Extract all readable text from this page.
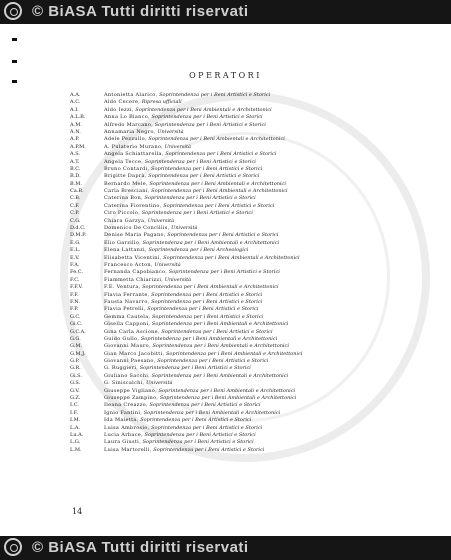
© BiASA Tutti diritti riservati
OPERATORI
A.A.	Antonietta Alarico, Soprintendenza per i Beni Artistici e Storici
A.C.	Aldo Cecere, Ripresa ufficiali
A.I.	Aldo Iezzi, Soprintendenza per i Beni Ambientali e Architettonici
A.L.B.	Anna Lo Bianco, Soprintendenza per i Beni Artistici e Storici
A.M.	Alfredo Marcano, Soprintendenza per i Beni Artistici e Storici
A.N.	Annamaria Negro, Università
A.P.	Adele Pezzullo, Soprintendenza per i Beni Ambientali e Architettonici
A.P.M.	A. Pulaterio Murano, Università
A.S.	Angela Schiattarella, Soprintendenza per i Beni Artistici e Storici
A.T.	Angela Tecce, Soprintendenza per i Beni Artistici e Storici
B.C.	Bruno Contardi, Soprintendenza per i Beni Artistici e Storici
B.D.	Brigitte Daprà, Soprintendenza per i Beni Artistici e Storici
B.M.	Bernardo Mele, Soprintendenza per i Beni Ambientali e Architettonici
Ca.B.	Carla Bresciani, Soprintendenza per i Beni Ambientali e Architettonici
C.B.	Caterina Bon, Soprintendenza per i Beni Artistici e Storici
C.F.	Caterina Fiorentino, Soprintendenza per i Beni Artistici e Storici
C.P.	Ciro Piccolo, Soprintendenza per i Beni Artistici e Storici
C.G.	Chiara Garzya, Università
D.d.C.	Domenico De Conciliis, Università
D.M.P.	Denise Maria Pagano, Soprintendenza per i Beni Artistici e Storici
E.G.	Elio Garzillo, Soprintendenza per i Beni Ambientali e Architettonici
E.L.	Elena Lattanzi, Soprintendenza per i Beni Archeologici
E.V.	Elisabetta Vicentini, Soprintendenza per i Beni Ambientali e Architettonici
F.A.	Francesco Acton, Università
Fe.C.	Fernanda Capobianco, Soprintendenza per i Beni Artistici e Storici
F.C.	Fiammetta Chiarizzi, Università
F.F.V.	F.E. Ventura, Soprintendenza per i Beni Ambientali e Architettonici
F.F.	Flavia Ferrante, Soprintendenza per i Beni Artistici e Storici
F.N.	Fausta Navarro, Soprintendenza per i Beni Artistici e Storici
F.P.	Flavia Petrelli, Soprintendenza per i Beni Artistici e Storici
G.C.	Gemma Cautela, Soprintendenza per i Beni Artistici e Storici
Gi.C.	Gisella Capponi, Soprintendenza per i Beni Ambientali e Architettonici
G.C.A.	Gina Carla Ascione, Soprintendenza per i Beni Artistici e Storici
G.G.	Guido Gullo, Soprintendenza per i Beni Ambientali e Architettonici
G.M.	Giovanni Mauro, Soprintendenza per i Beni Ambientali e Architettonici
G.M.J.	Gian Marco Jacobitti, Soprintendenza per i Beni Ambientali e Architettonici
G.P.	Giovanni Paesano, Soprintendenza per i Beni Artistici e Storici
G.R.	G. Ruggieri, Soprintendenza per i Beni Artistici e Storici
Gi.S.	Giuliano Sacchi, Soprintendenza per i Beni Ambientali e Architettonici
G.S.	G. Siniscalchi, Università
G.V.	Giuseppe Vigliano, Soprintendenza per i Beni Ambientali e Architettonici
G.Z.	Giuseppe Zampino, Soprintendenza per i Beni Ambientali e Architettonici
I.C.	Ileana Creazzo, Soprintendenza per i Beni Artistici e Storici
I.F.	Ignio Fantini, Soprintendenza per i Beni Ambientali e Architettonici
I.M.	Ida Maietta, Soprintendenza per i Beni Artistici e Storici
L.A.	Luisa Ambrosio, Soprintendenza per i Beni Artistici e Storici
Lu.A.	Lucia Arbace, Soprintendenza per i Beni Artistici e Storici
L.G.	Laura Giusti, Soprintendenza per i Beni Artistici e Storici
L.M.	Luisa Martorelli, Soprintendenza per i Beni Artistici e Storici
14
© BiASA Tutti diritti riservati
